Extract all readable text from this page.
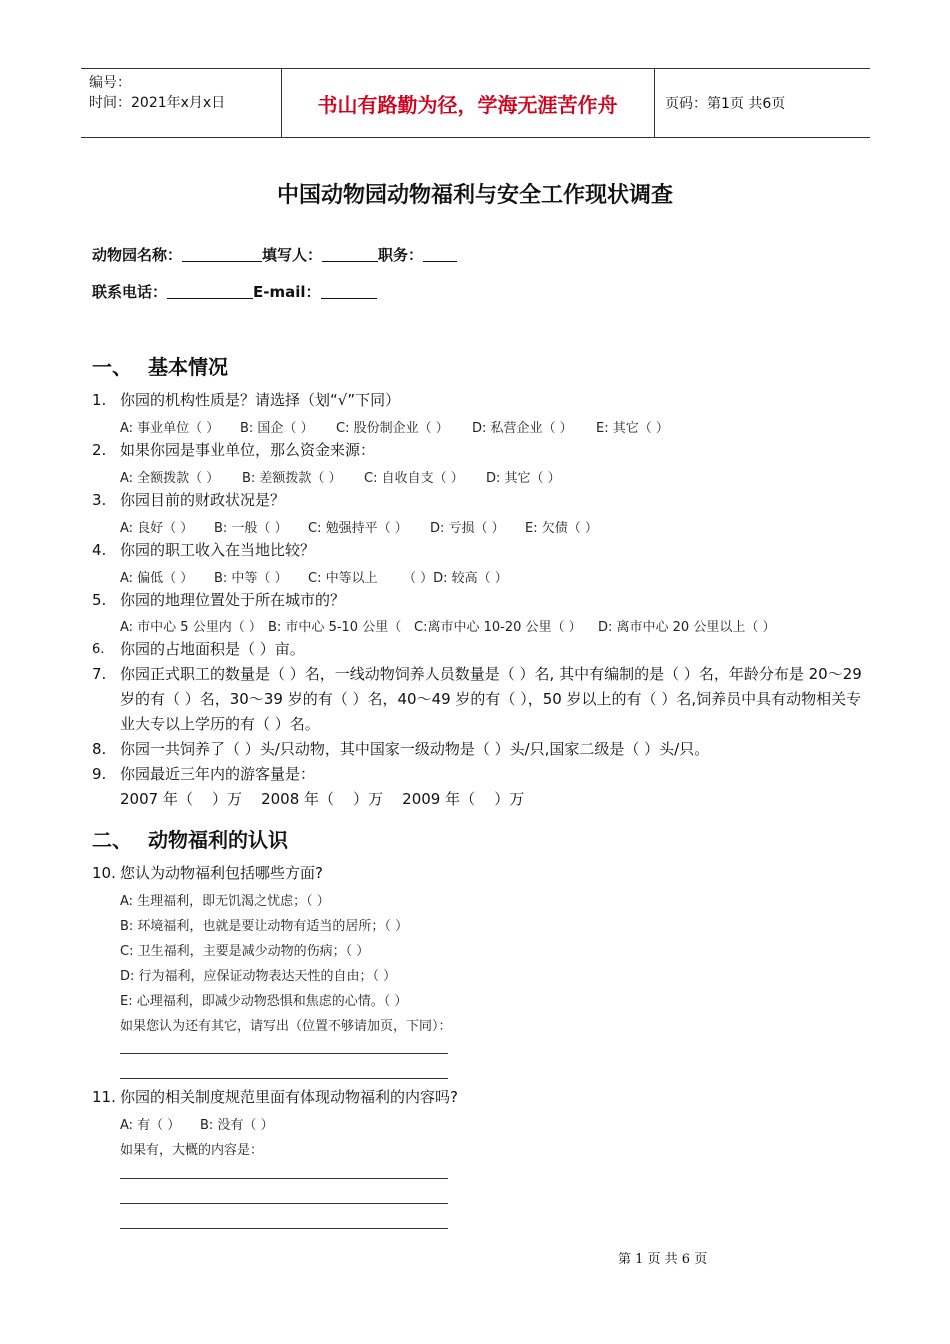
编号：
时间：2021年x月x日	书山有路勤为径，学海无涯苦作舟	页码：第1页 共6页
中国动物园动物福利与安全工作现状调查
动物园名称：	填写人：	职务：
联系电话：	E-mail：
一、 基本情况
1. 你园的机构性质是？请选择（划“√”下同）
A: 事业单位（ ） B: 国企（ ） C: 股份制企业（ ） D: 私营企业（ ） E: 其它（ ）
2. 如果你园是事业单位，那么资金来源：
A: 全额拨款（ ） B: 差额拨款（ ） C: 自收自支（ ） D: 其它（ ）
3. 你园目前的财政状况是？
A: 良好（ ） B: 一般（ ） C: 勉强持平（ ） D: 亏损（ ） E: 欠债（ ）
4. 你园的职工收入在当地比较？
A: 偏低（ ） B: 中等（ ） C: 中等以上 （ ）D: 较高（ ）
5. 你园的地理位置处于所在城市的？
A: 市中心 5 公里内（ ） B: 市中心 5-10 公里（ C:离市中心 10-20 公里（ ） D: 离市中心 20 公里以上（ ）
6.	你园的占地面积是（ ）亩。
7. 你园正式职工的数量是（ ）名，一线动物饲养人员数量是（ ）名, 其中有编制的是（ ）名，年龄分布是 20～29 岁的有（ ）名，30～39 岁的有（ ）名，40～49 岁的有（ ），50 岁以上的有（ ）名,饲养员中具有动物相关专业大专以上学历的有（ ）名。
8. 你园一共饲养了（ ）头/只动物，其中国家一级动物是（ ）头/只,国家二级是（ ）头/只。
9. 你园最近三年内的游客量是：
2007 年（    ）万    2008 年（    ）万    2009 年（    ）万
二、 动物福利的认识
10. 您认为动物福利包括哪些方面?
A: 生理福利，即无饥渴之忧虑；（ ）
B: 环境福利，也就是要让动物有适当的居所；（ ）
C: 卫生福利，主要是减少动物的伤病；（ ）
D: 行为福利，应保证动物表达天性的自由；（ ）
E: 心理福利，即减少动物恐惧和焦虑的心情。（ ）
如果您认为还有其它，请写出（位置不够请加页，下同）：
11. 你园的相关制度规范里面有体现动物福利的内容吗?
A: 有（ ） B: 没有（ ）
如果有，大概的内容是：
第 1 页 共 6 页
